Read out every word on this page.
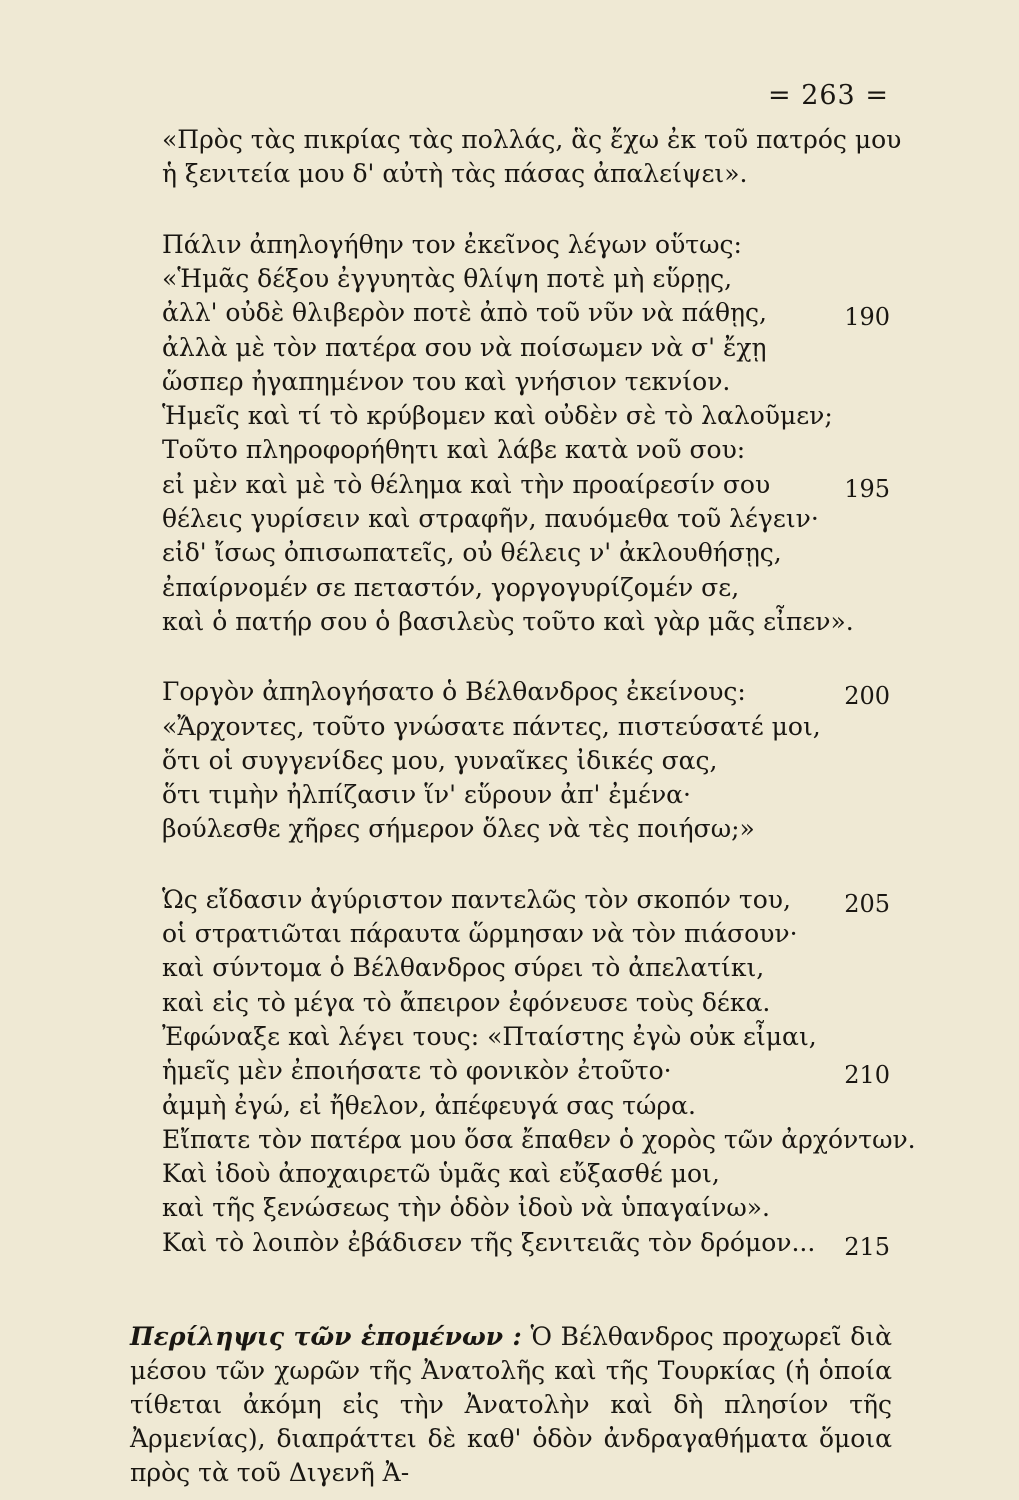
= 263 =
«Πρὸς τὰς πικρίας τὰς πολλάς, ἃς ἔχω ἐκ τοῦ πατρός μου
ἡ ξενιτεία μου δ' αὐτὴ τὰς πάσας ἀπαλείψει».
Πάλιν ἀπηλογήθην τον ἐκεῖνος λέγων οὕτως:
«Ἡμᾶς δέξου ἐγγυητὰς θλίψη ποτὲ μὴ εὕρῃς,
ἀλλ' οὐδὲ θλιβερὸν ποτὲ ἀπὸ τοῦ νῦν νὰ πάθῃς,	190
ἀλλὰ μὲ τὸν πατέρα σου νὰ ποίσωμεν νὰ σ' ἔχῃ
ὥσπερ ἠγαπημένον του καὶ γνήσιον τεκνίον.
Ἡμεῖς καὶ τί τὸ κρύβομεν καὶ οὐδὲν σὲ τὸ λαλοῦμεν;
Τοῦτο πληροφορήθητι καὶ λάβε κατὰ νοῦ σου:
εἰ μὲν καὶ μὲ τὸ θέλημα καὶ τὴν προαίρεσίν σου	195
θέλεις γυρίσειν καὶ στραφῆν, παυόμεθα τοῦ λέγειν·
εἰδ' ἴσως ὀπισωπατεῖς, οὐ θέλεις ν' ἀκλουθήσῃς,
ἐπαίρνομέν σε πεταστόν, γοργογυρίζομέν σε,
καὶ ὁ πατήρ σου ὁ βασιλεὺς τοῦτο καὶ γὰρ μᾶς εἶπεν».
Γοργὸν ἀπηλογήσατο ὁ Βέλθανδρος ἐκείνους:	200
«Ἄρχοντες, τοῦτο γνώσατε πάντες, πιστεύσατέ μοι,
ὅτι οἱ συγγενίδες μου, γυναῖκες ἰδικές σας,
ὅτι τιμὴν ἠλπίζασιν ἵν' εὕρουν ἀπ' ἐμένα·
βούλεσθε χῆρες σήμερον ὅλες νὰ τὲς ποιήσω;»
Ὡς εἴδασιν ἀγύριστον παντελῶς τὸν σκοπόν του,	205
οἱ στρατιῶται πάραυτα ὥρμησαν νὰ τὸν πιάσουν·
καὶ σύντομα ὁ Βέλθανδρος σύρει τὸ ἀπελατίκι,
καὶ εἰς τὸ μέγα τὸ ἄπειρον ἐφόνευσε τοὺς δέκα.
Ἐφώναξε καὶ λέγει τους: «Πταίστης ἐγὼ οὐκ εἶμαι,
ἡμεῖς μὲν ἐποιήσατε τὸ φονικὸν ἐτοῦτο·	210
ἀμμὴ ἐγώ, εἰ ἤθελον, ἀπέφευγά σας τώρα.
Εἴπατε τὸν πατέρα μου ὅσα ἔπαθεν ὁ χορὸς τῶν ἀρχόντων.
Καὶ ἰδοὺ ἀποχαιρετῶ ὑμᾶς καὶ εὔξασθέ μοι,
καὶ τῆς ξενώσεως τὴν ὁδὸν ἰδοὺ νὰ ὑπαγαίνω».
Καὶ τὸ λοιπὸν ἐβάδισεν τῆς ξενιτειᾶς τὸν δρόμον...	215
Περίληψις τῶν ἑπομένων : Ὁ Βέλθανδρος προχωρεῖ διὰ μέσου τῶν χωρῶν τῆς Ἀνατολῆς καὶ τῆς Τουρκίας (ἡ ὁποία τίθεται ἀκόμη εἰς τὴν Ἀνατολὴν καὶ δὴ πλησίον τῆς Ἀρμενίας), διαπράττει δὲ καθ' ὁδὸν ἀνδραγαθήματα ὅμοια πρὸς τὰ τοῦ Διγενῆ Ἀ-
